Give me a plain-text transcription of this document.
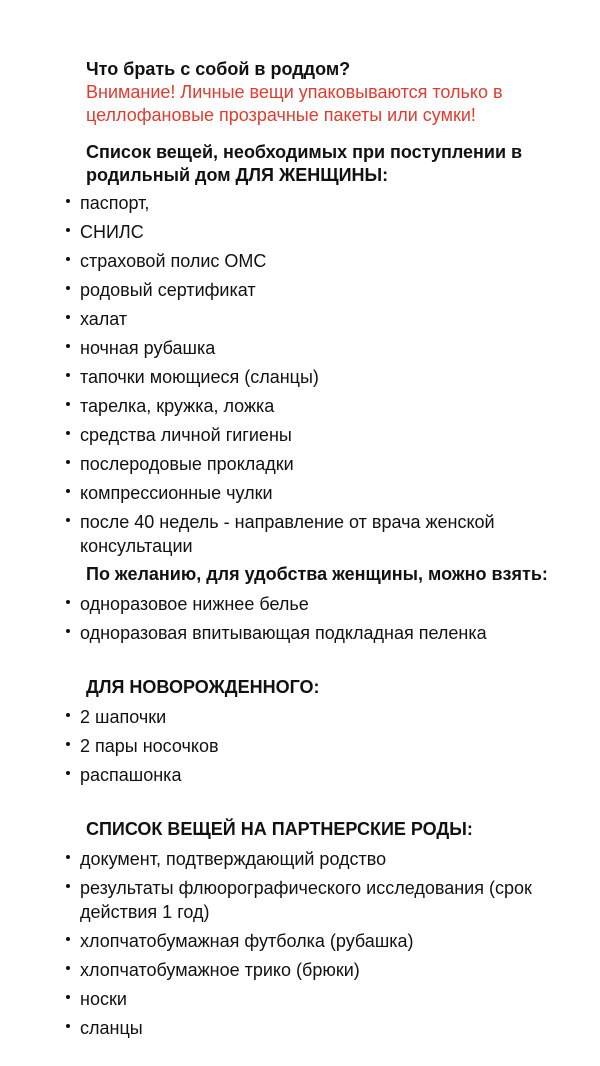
Что брать с собой в роддом?
Внимание! Личные вещи упаковываются только в целлофановые прозрачные пакеты или сумки!
Список вещей, необходимых при поступлении в родильный дом ДЛЯ ЖЕНЩИНЫ:
паспорт,
СНИЛС
страховой полис ОМС
родовый сертификат
халат
ночная рубашка
тапочки моющиеся (сланцы)
тарелка, кружка, ложка
средства личной гигиены
послеродовые прокладки
компрессионные чулки
после 40 недель - направление от врача женской консультации
По желанию, для удобства женщины, можно взять:
одноразовое нижнее белье
одноразовая впитывающая подкладная пеленка
ДЛЯ НОВОРОЖДЕННОГО:
2 шапочки
2 пары носочков
распашонка
СПИСОК ВЕЩЕЙ НА ПАРТНЕРСКИЕ РОДЫ:
документ, подтверждающий родство
результаты флюорографического исследования (срок действия 1 год)
хлопчатобумажная футболка (рубашка)
хлопчатобумажное трико (брюки)
носки
сланцы
